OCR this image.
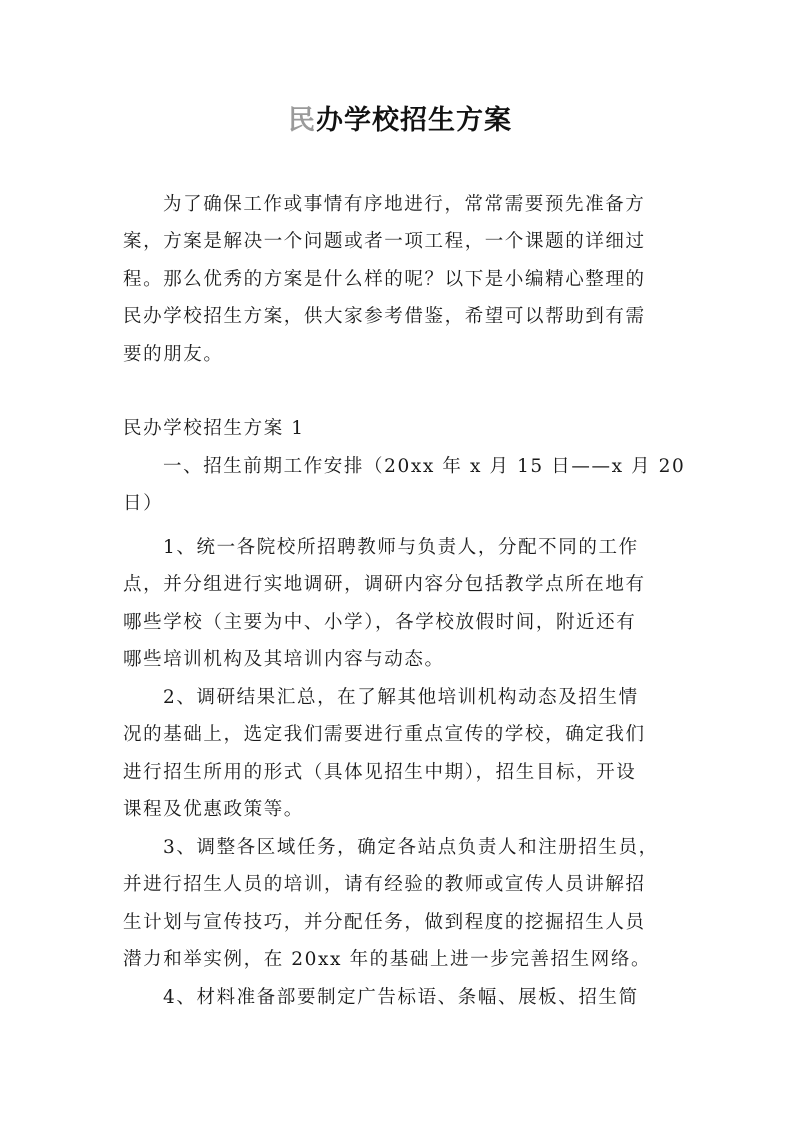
民办学校招生方案
为了确保工作或事情有序地进行，常常需要预先准备方
案，方案是解决一个问题或者一项工程，一个课题的详细过
程。那么优秀的方案是什么样的呢？以下是小编精心整理的
民办学校招生方案，供大家参考借鉴，希望可以帮助到有需
要的朋友。
民办学校招生方案 1
一、招生前期工作安排（20xx 年 x 月 15 日——x 月 20
日）
1、统一各院校所招聘教师与负责人，分配不同的工作
点，并分组进行实地调研，调研内容分包括教学点所在地有
哪些学校（主要为中、小学），各学校放假时间，附近还有
哪些培训机构及其培训内容与动态。
2、调研结果汇总，在了解其他培训机构动态及招生情
况的基础上，选定我们需要进行重点宣传的学校，确定我们
进行招生所用的形式（具体见招生中期），招生目标，开设
课程及优惠政策等。
3、调整各区域任务，确定各站点负责人和注册招生员，
并进行招生人员的培训，请有经验的教师或宣传人员讲解招
生计划与宣传技巧，并分配任务，做到程度的挖掘招生人员
潜力和举实例，在 20xx 年的基础上进一步完善招生网络。
4、材料准备部要制定广告标语、条幅、展板、招生简
